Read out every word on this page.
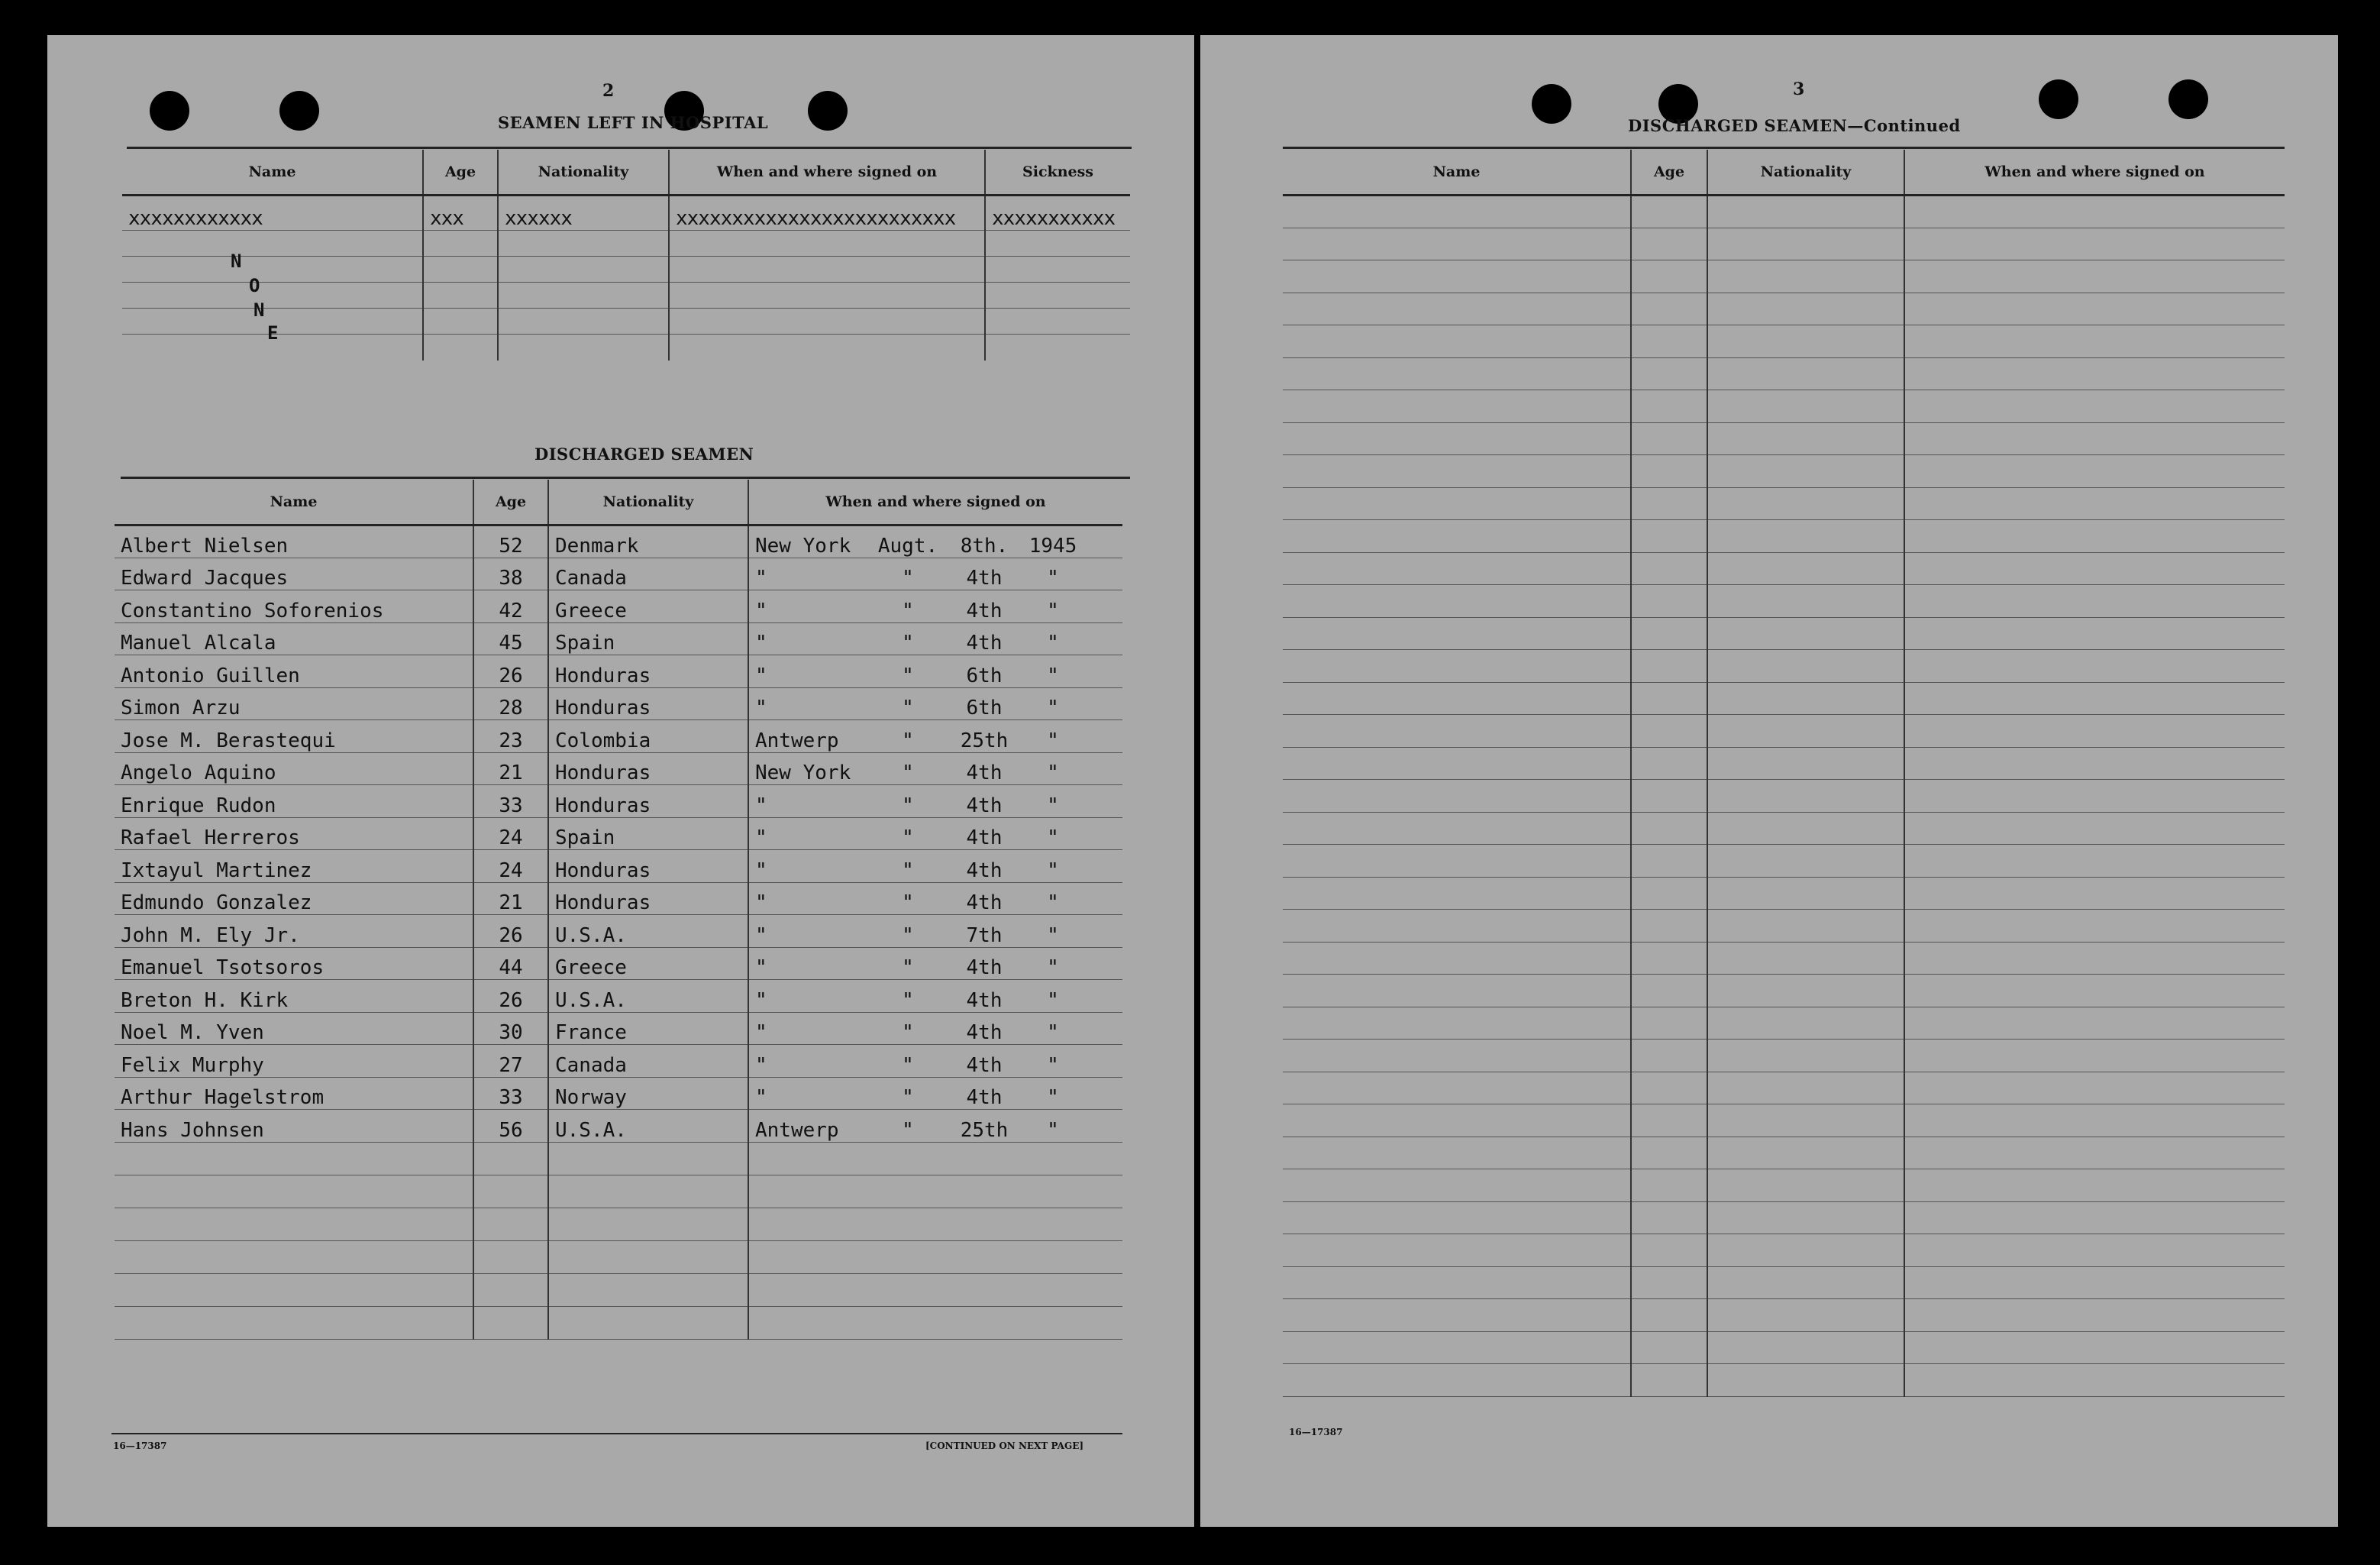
2
SEAMEN LEFT IN HOSPITAL
Name	Age	Nationality	When and where signed on	Sickness
xxxxxxxxxxxx	xxx	xxxxxx	xxxxxxxxxxxxxxxxxxxxxxxxx	xxxxxxxxxxx

N
O
N
E
DISCHARGED SEAMEN
Name	Age	Nationality	When and where signed on
Albert Nielsen	52	Denmark	New York Augt. 8th. 1945
Edward Jacques	38	Canada	" " 4th "
Constantino Soforenios	42	Greece	" " 4th "
Manuel Alcala	45	Spain	" " 4th "
Antonio Guillen	26	Honduras	" " 6th "
Simon Arzu	28	Honduras	" " 6th "
Jose M. Berastequi	23	Colombia	Antwerp " 25th "
Angelo Aquino	21	Honduras	New York " 4th "
Enrique Rudon	33	Honduras	" " 4th "
Rafael Herreros	24	Spain	" " 4th "
Ixtayul Martinez	24	Honduras	" " 4th "
Edmundo Gonzalez	21	Honduras	" " 4th "
John M. Ely Jr.	26	U.S.A.	" " 7th "
Emanuel Tsotsoros	44	Greece	" " 4th "
Breton H. Kirk	26	U.S.A.	" " 4th "
Noel M. Yven	30	France	" " 4th "
Felix Murphy	27	Canada	" " 4th "
Arthur Hagelstrom	33	Norway	" " 4th "
Hans Johnsen	56	U.S.A.	Antwerp " 25th "

16—17387	[CONTINUED ON NEXT PAGE]
3
DISCHARGED SEAMEN—Continued
Name	Age	Nationality	When and where signed on

16—17387
